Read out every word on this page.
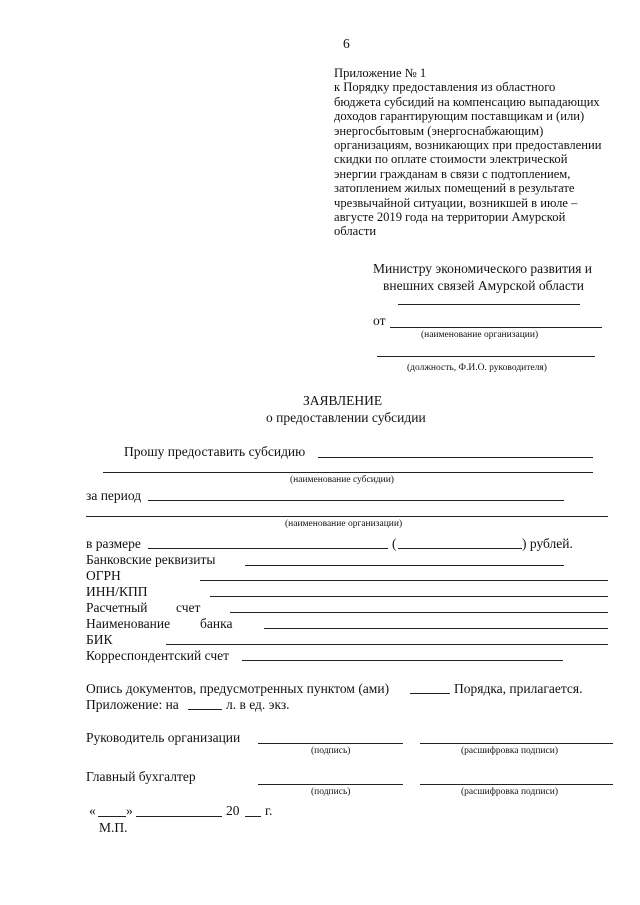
6
Приложение № 1
к Порядку предоставления из областного
бюджета субсидий на компенсацию выпадающих
доходов гарантирующим поставщикам и (или)
энергосбытовым (энергоснабжающим)
организациям, возникающих при предоставлении
скидки по оплате стоимости электрической
энергии гражданам в связи с подтоплением,
затоплением жилых помещений в результате
чрезвычайной ситуации, возникшей в июле –
августе 2019 года на территории Амурской
области
Министру экономического развития и
внешних связей Амурской области
от
(наименование организации)
(должность, Ф.И.О. руководителя)
ЗАЯВЛЕНИЕ
о предоставлении субсидии
Прошу предоставить субсидию
(наименование субсидии)
за период
(наименование организации)
в размере	(	) рублей.
Банковские реквизиты
ОГРН
ИНН/КПП
Расчетный счет
Наименование банка
БИК
Корреспондентский счет
Опись документов, предусмотренных пунктом (ами)	Порядка, прилагается.
Приложение: на	л. в ед. экз.
Руководитель организации
(подпись)	(расшифровка подписи)
Главный бухгалтер
(подпись)	(расшифровка подписи)
« »	20 г.
М.П.
